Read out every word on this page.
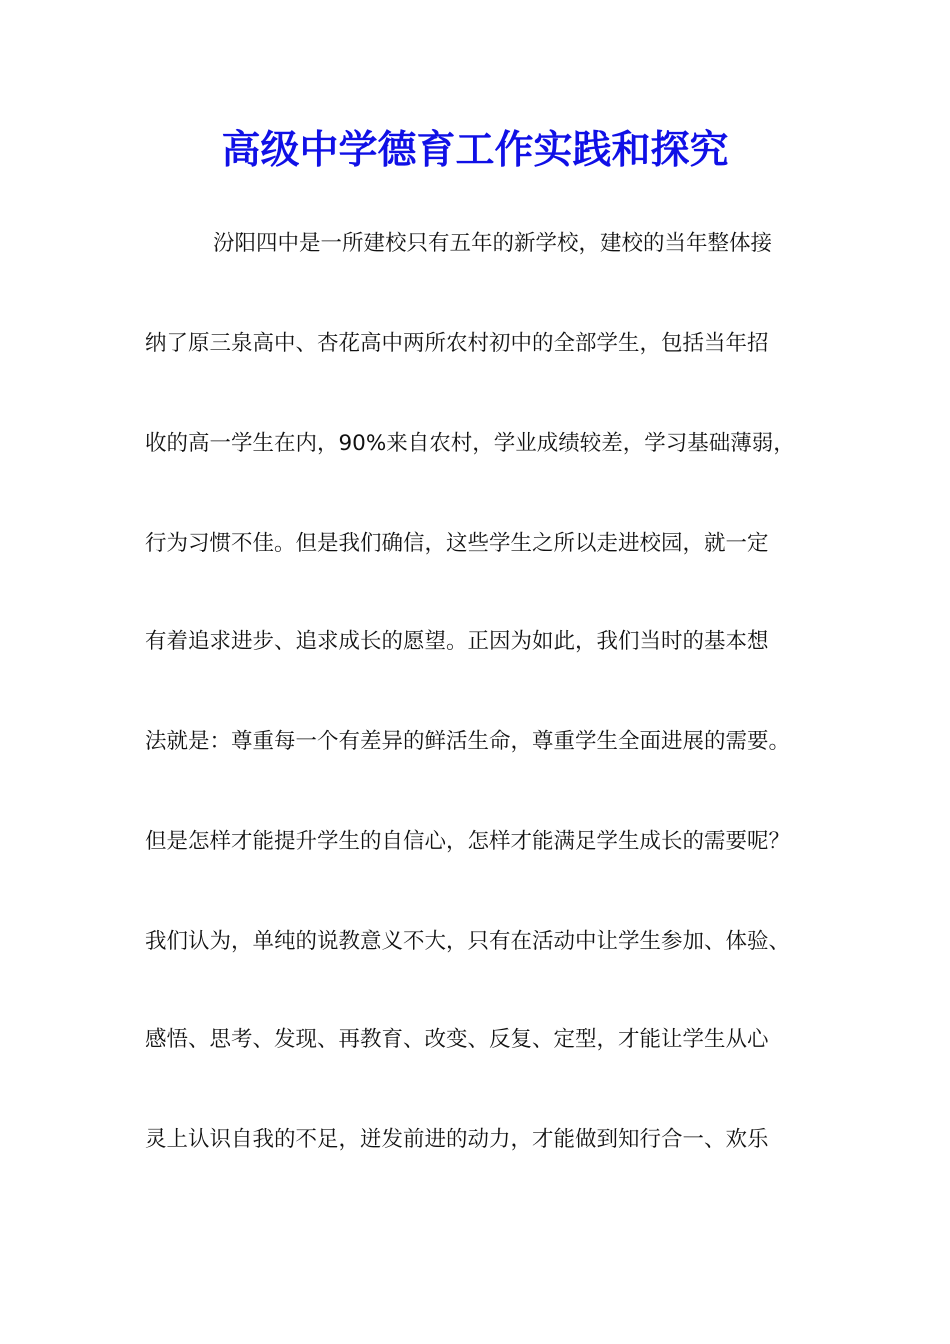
高级中学德育工作实践和探究
汾阳四中是一所建校只有五年的新学校，建校的当年整体接
纳了原三泉高中、杏花高中两所农村初中的全部学生，包括当年招
收的高一学生在内，90%来自农村，学业成绩较差，学习基础薄弱，
行为习惯不佳。但是我们确信，这些学生之所以走进校园，就一定
有着追求进步、追求成长的愿望。正因为如此，我们当时的基本想
法就是：尊重每一个有差异的鲜活生命，尊重学生全面进展的需要。
但是怎样才能提升学生的自信心，怎样才能满足学生成长的需要呢？
我们认为，单纯的说教意义不大，只有在活动中让学生参加、体验、
感悟、思考、发现、再教育、改变、反复、定型，才能让学生从心
灵上认识自我的不足，迸发前进的动力，才能做到知行合一、欢乐
